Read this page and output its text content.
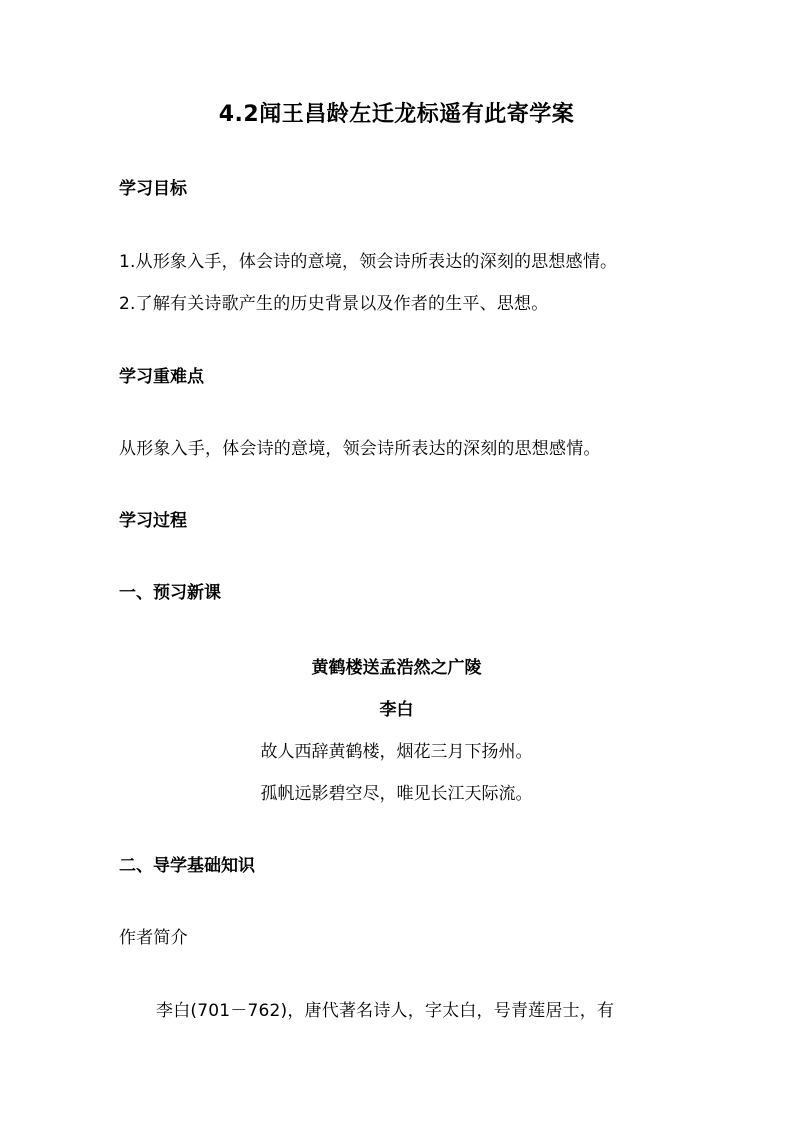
4.2闻王昌龄左迁龙标遥有此寄学案
学习目标
1.从形象入手，体会诗的意境，领会诗所表达的深刻的思想感情。
2.了解有关诗歌产生的历史背景以及作者的生平、思想。
学习重难点
从形象入手，体会诗的意境，领会诗所表达的深刻的思想感情。
学习过程
一、预习新课
黄鹤楼送孟浩然之广陵
李白
故人西辞黄鹤楼，烟花三月下扬州。
孤帆远影碧空尽，唯见长江天际流。
二、导学基础知识
作者简介
李白(701－762)，唐代著名诗人，字太白，号青莲居士，有
